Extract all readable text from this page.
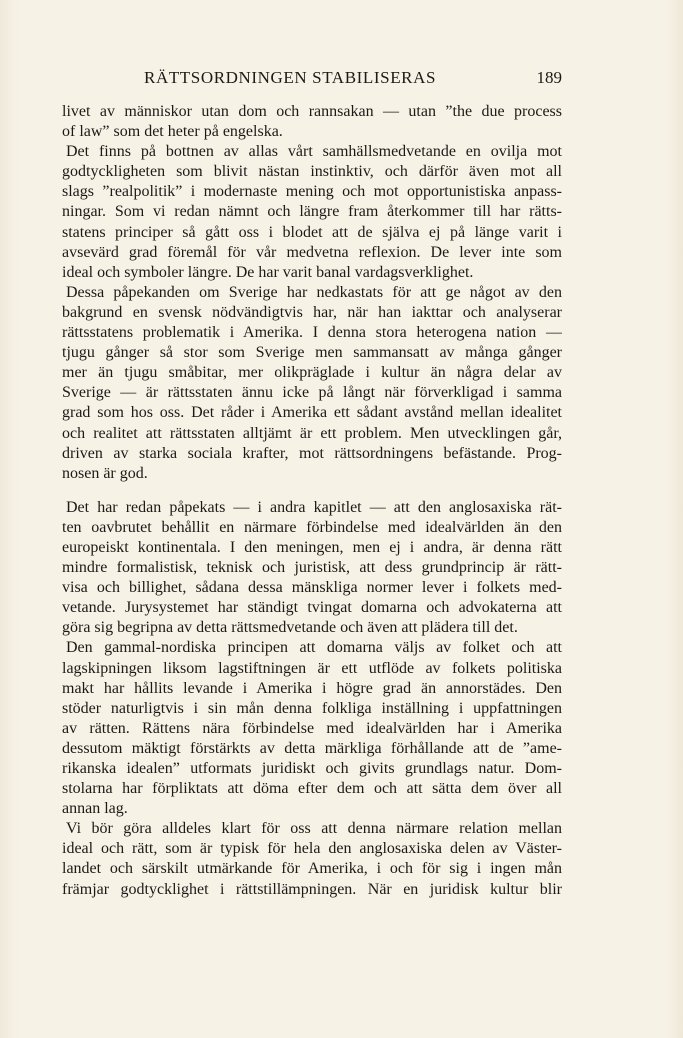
RÄTTSORDNINGEN STABILISERAS	189
livet av människor utan dom och rannsakan — utan ”the due process
of law” som det heter på engelska.
Det finns på bottnen av allas vårt samhällsmedvetande en ovilja mot
godtyckligheten som blivit nästan instinktiv, och därför även mot all
slags ”realpolitik” i modernaste mening och mot opportunistiska anpass-
ningar. Som vi redan nämnt och längre fram återkommer till har rätts-
statens principer så gått oss i blodet att de själva ej på länge varit i
avsevärd grad föremål för vår medvetna reflexion. De lever inte som
ideal och symboler längre. De har varit banal vardagsverklighet.
Dessa påpekanden om Sverige har nedkastats för att ge något av den
bakgrund en svensk nödvändigtvis har, när han iakttar och analyserar
rättsstatens problematik i Amerika. I denna stora heterogena nation —
tjugu gånger så stor som Sverige men sammansatt av många gånger
mer än tjugu småbitar, mer olikpräglade i kultur än några delar av
Sverige — är rättsstaten ännu icke på långt när förverkligad i samma
grad som hos oss. Det råder i Amerika ett sådant avstånd mellan idealitet
och realitet att rättsstaten alltjämt är ett problem. Men utvecklingen går,
driven av starka sociala krafter, mot rättsordningens befästande. Prog-
nosen är god.
Det har redan påpekats — i andra kapitlet — att den anglosaxiska rät-
ten oavbrutet behållit en närmare förbindelse med idealvärlden än den
europeiskt kontinentala. I den meningen, men ej i andra, är denna rätt
mindre formalistisk, teknisk och juristisk, att dess grundprincip är rätt-
visa och billighet, sådana dessa mänskliga normer lever i folkets med-
vetande. Jurysystemet har ständigt tvingat domarna och advokaterna att
göra sig begripna av detta rättsmedvetande och även att plädera till det.
Den gammal-nordiska principen att domarna väljs av folket och att
lagskipningen liksom lagstiftningen är ett utflöde av folkets politiska
makt har hållits levande i Amerika i högre grad än annorstädes. Den
stöder naturligtvis i sin mån denna folkliga inställning i uppfattningen
av rätten. Rättens nära förbindelse med idealvärlden har i Amerika
dessutom mäktigt förstärkts av detta märkliga förhållande att de ”ame-
rikanska idealen” utformats juridiskt och givits grundlags natur. Dom-
stolarna har förpliktats att döma efter dem och att sätta dem över all
annan lag.
Vi bör göra alldeles klart för oss att denna närmare relation mellan
ideal och rätt, som är typisk för hela den anglosaxiska delen av Väster-
landet och särskilt utmärkande för Amerika, i och för sig i ingen mån
främjar godtycklighet i rättstillämpningen. När en juridisk kultur blir
